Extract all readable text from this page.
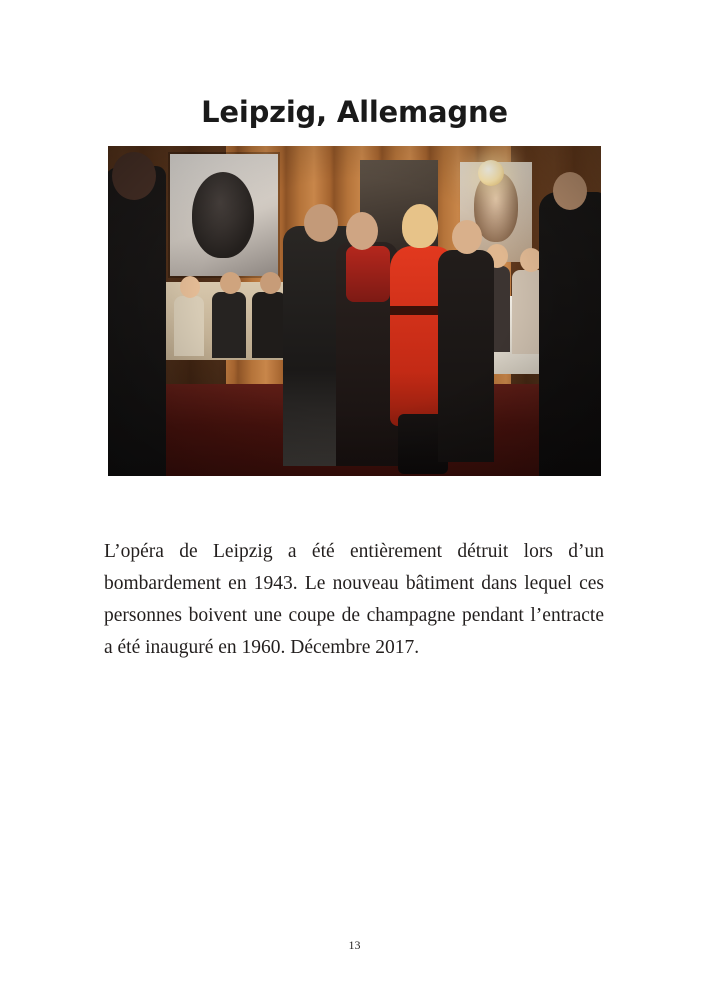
Leipzig, Allemagne

L’opéra de Leipzig a été entièrement détruit lors d’un bombardement en 1943. Le nouveau bâtiment dans lequel ces personnes boivent une coupe de champagne pendant l’entracte a été inauguré en 1960. Décembre 2017.

13
